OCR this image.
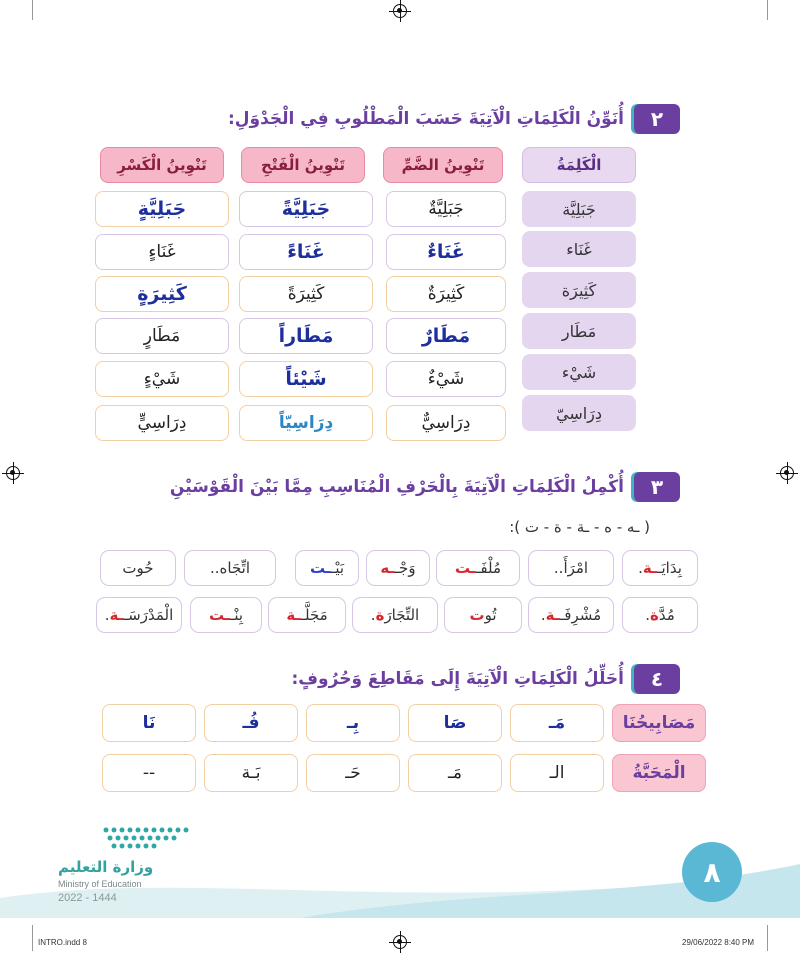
٢
أُنَوِّنُ الْكَلِمَاتِ الْآتِيَةَ حَسَبَ الْمَطْلُوبِ فِي الْجَدْوَلِ:
الْكَلِمَةُ
تَنْوِينُ الضَّمِّ
تَنْوِينُ الْفَتْحِ
تَنْوِينُ الْكَسْرِ
جَبَلِيَّة
جَبَلِيَّةٌ
جَبَلِيَّةً
جَبَلِيَّةٍ
غَنَاء
غَنَاءٌ
غَنَاءً
غَنَاءٍ
كَثِيرَة
كَثِيرَةٌ
كَثِيرَةً
كَثِيرَةٍ
مَطَار
مَطَارٌ
مَطَاراً
مَطَارٍ
شَيْء
شَيْءٌ
شَيْئاً
شَيْءٍ
دِرَاسِيّ
دِرَاسِيٌّ
دِرَاسِيّاً
دِرَاسِيٍّ
٣
أُكْمِلُ الْكَلِمَاتِ الْآتِيَةَ بِالْحَرْفِ الْمُنَاسِبِ مِمَّا بَيْنَ الْقَوْسَيْنِ
( ـه - ه - ـة - ة - ت ):
٤
أُحَلِّلُ الْكَلِمَاتِ الْآتِيَةَ إِلَى مَقَاطِعَ وَحُرُوفٍ:
مَصَابِيحُنَا
مَـ
صَا
بِـ
فُـ
نَا
الْمَحَبَّةُ
الـ
مَـ
حَـ
بَـة
--
٨
وزارة التعليم
Ministry of Education
2022 - 1444
INTRO.indd 8	29/06/2022 8:40 PM
بِدَايَـ
ـة
.
امْرَأَ
..
مُلْفَـ
ـت
وَجْـ
ـه
بَيْـ
ـت
اتِّجَاه
..
حُوت
مُدَّ
ة
.
مُشْرِفَـ
ـة
.
تُو
ت
التِّجَارَ
ة
.
مَجَلَّـ
ـة
بِنْـ
ـت
الْمَدْرَسَـ
ـة
.
